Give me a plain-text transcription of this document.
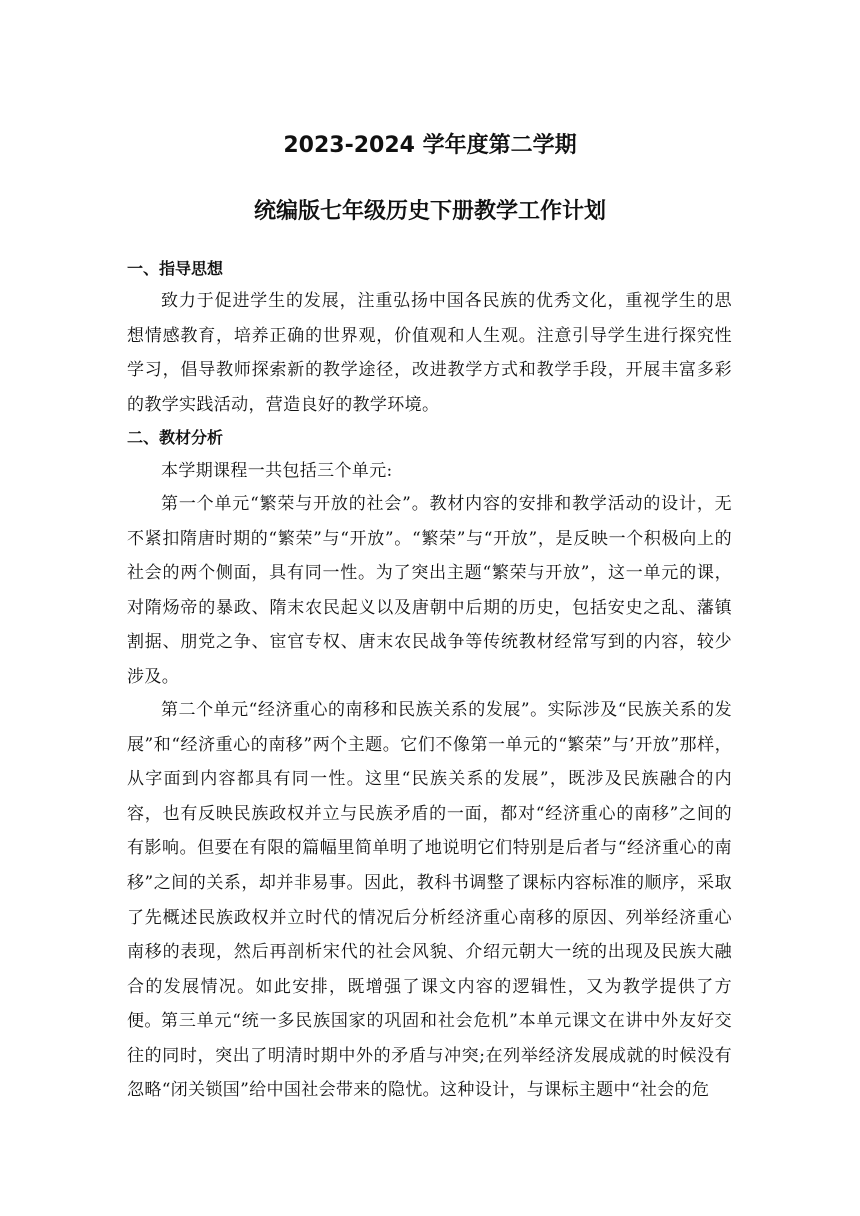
2023-2024 学年度第二学期
统编版七年级历史下册教学工作计划
一、指导思想

致力于促进学生的发展，注重弘扬中国各民族的优秀文化，重视学生的思想情感教育，培养正确的世界观，价值观和人生观。注意引导学生进行探究性学习，倡导教师探索新的教学途径，改进教学方式和教学手段，开展丰富多彩的教学实践活动，营造良好的教学环境。

二、教材分析

本学期课程一共包括三个单元:

第一个单元“繁荣与开放的社会”。教材内容的安排和教学活动的设计，无不紧扣隋唐时期的“繁荣”与“开放”。“繁荣”与“开放”，是反映一个积极向上的社会的两个侧面，具有同一性。为了突出主题“繁荣与开放”，这一单元的课，对隋炀帝的暴政、隋末农民起义以及唐朝中后期的历史，包括安史之乱、藩镇割据、朋党之争、宦官专权、唐末农民战争等传统教材经常写到的内容，较少涉及。

第二个单元“经济重心的南移和民族关系的发展”。实际涉及“民族关系的发展”和“经济重心的南移”两个主题。它们不像第一单元的“繁荣”与’开放”那样，从字面到内容都具有同一性。这里“民族关系的发展”，既涉及民族融合的内容，也有反映民族政权并立与民族矛盾的一面，都对“经济重心的南移”之间的有影响。但要在有限的篇幅里简单明了地说明它们特别是后者与“经济重心的南移”之间的关系，却并非易事。因此，教科书调整了课标内容标准的顺序，采取了先概述民族政权并立时代的情况后分析经济重心南移的原因、列举经济重心南移的表现，然后再剖析宋代的社会风貌、介绍元朝大一统的出现及民族大融合的发展情况。如此安排，既增强了课文内容的逻辑性，又为教学提供了方便。 第三单元“统一多民族国家的巩固和社会危机”本单元课文在讲中外友好交往的同时，突出了明清时期中外的矛盾与冲突;在列举经济发展成就的时候没有忽略“闭关锁国”给中国社会带来的隐忧。这种设计，与课标主题中“社会的危
